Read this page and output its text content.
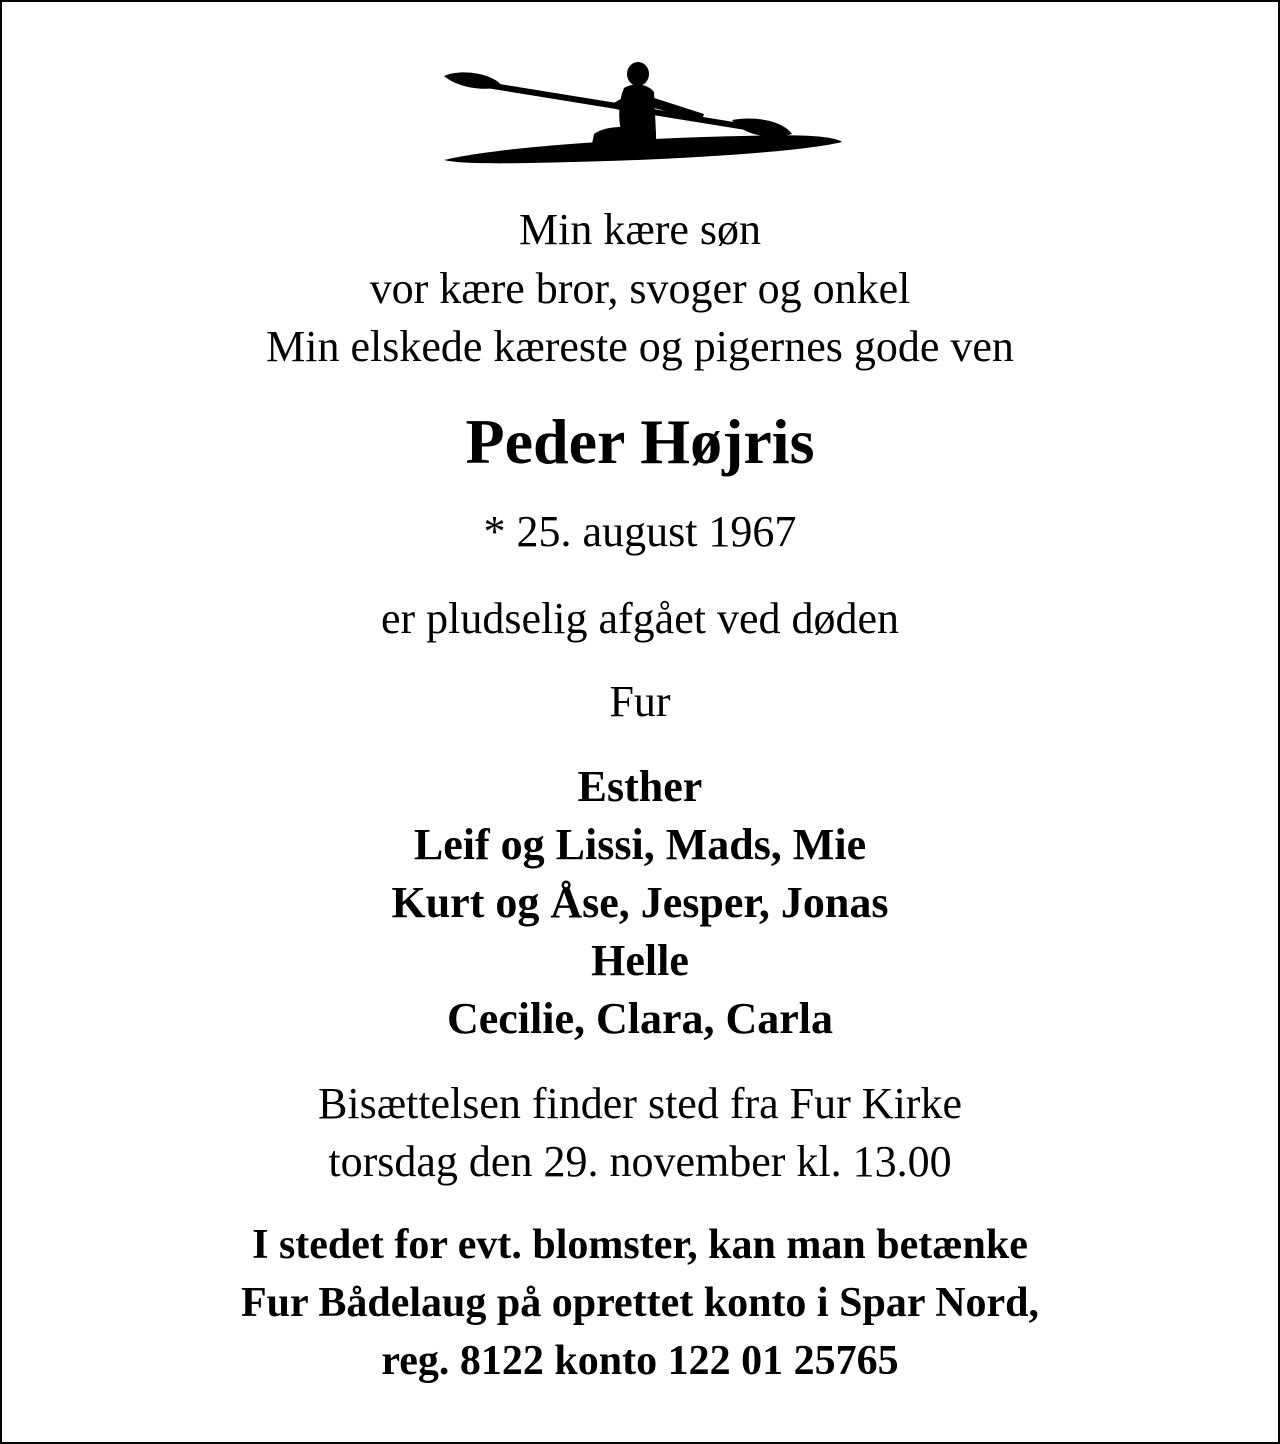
Min kære søn
vor kære bror, svoger og onkel
Min elskede kæreste og pigernes gode ven
Peder Højris
* 25. august 1967
er pludselig afgået ved døden
Fur
Esther
Leif og Lissi, Mads, Mie
Kurt og Åse, Jesper, Jonas
Helle
Cecilie, Clara, Carla
Bisættelsen finder sted fra Fur Kirke
torsdag den 29. november kl. 13.00
I stedet for evt. blomster, kan man betænke
Fur Bådelaug på oprettet konto i Spar Nord,
reg. 8122 konto 122 01 25765
